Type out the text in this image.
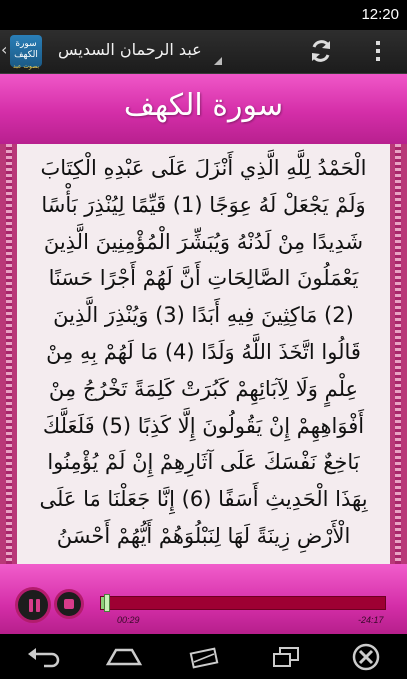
12:20
‹ سورة الكهف
بصوت عبد
عبد الرحمان السديس
سورة الكهف
الْحَمْدُ لِلَّهِ الَّذِي أَنْزَلَ عَلَى عَبْدِهِ الْكِتَابَ
وَلَمْ يَجْعَلْ لَهُ عِوَجًا (1) قَيِّمًا لِيُنْذِرَ بَأْسًا
شَدِيدًا مِنْ لَدُنْهُ وَيُبَشِّرَ الْمُؤْمِنِينَ الَّذِينَ
يَعْمَلُونَ الصَّالِحَاتِ أَنَّ لَهُمْ أَجْرًا حَسَنًا
(2) مَاكِثِينَ فِيهِ أَبَدًا (3) وَيُنْذِرَ الَّذِينَ
قَالُوا اتَّخَذَ اللَّهُ وَلَدًا (4) مَا لَهُمْ بِهِ مِنْ
عِلْمٍ وَلَا لِآبَائِهِمْ كَبُرَتْ كَلِمَةً تَخْرُجُ مِنْ
أَفْوَاهِهِمْ إِنْ يَقُولُونَ إِلَّا كَذِبًا (5) فَلَعَلَّكَ
بَاخِعٌ نَفْسَكَ عَلَى آثَارِهِمْ إِنْ لَمْ يُؤْمِنُوا
بِهَذَا الْحَدِيثِ أَسَفًا (6) إِنَّا جَعَلْنَا مَا عَلَى
الْأَرْضِ زِينَةً لَهَا لِنَبْلُوَهُمْ أَيُّهُمْ أَحْسَنُ
00:29	-24:17
